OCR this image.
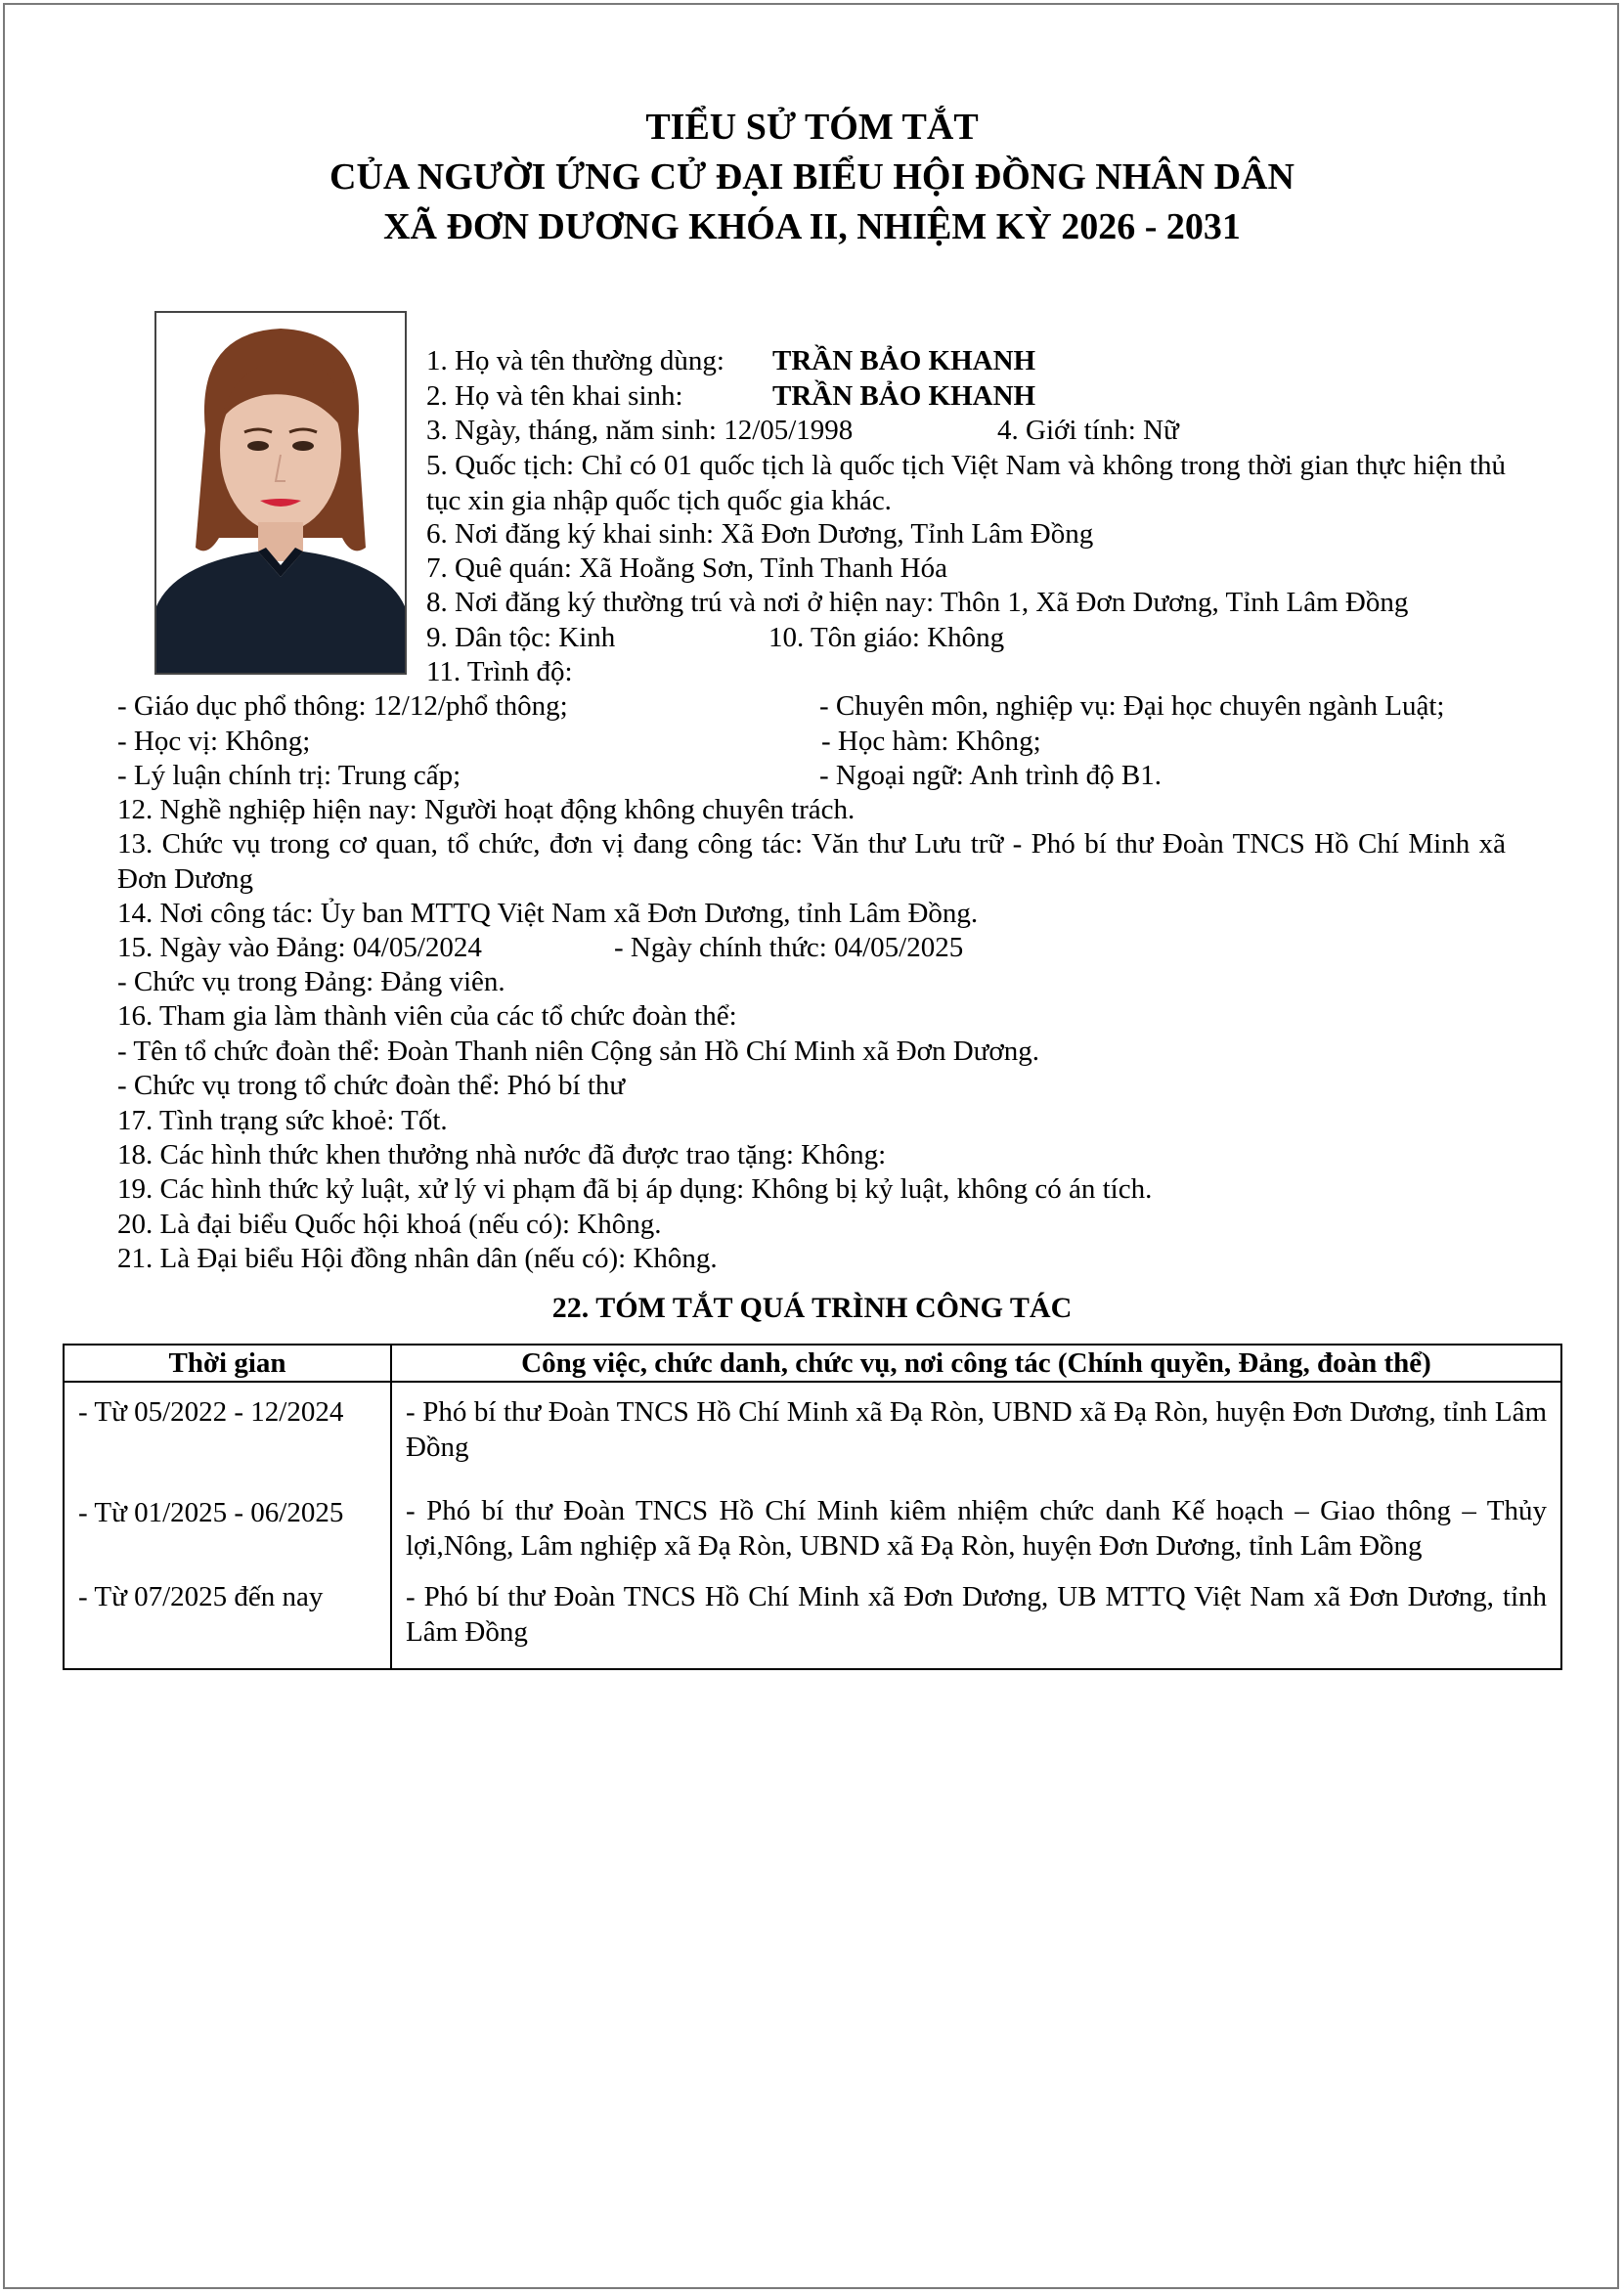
TIỂU SỬ TÓM TẮT
CỦA NGƯỜI ỨNG CỬ ĐẠI BIỂU HỘI ĐỒNG NHÂN DÂN
XÃ ĐƠN DƯƠNG KHÓA II, NHIỆM KỲ 2026 - 2031
1. Họ và tên thường dùng: TRẦN BẢO KHANH
2. Họ và tên khai sinh:	TRẦN BẢO KHANH
3. Ngày, tháng, năm sinh: 12/05/1998	4. Giới tính: Nữ
5. Quốc tịch: Chỉ có 01 quốc tịch là quốc tịch Việt Nam và không trong thời gian thực hiện thủ tục xin gia nhập quốc tịch quốc gia khác.
6. Nơi đăng ký khai sinh: Xã Đơn Dương, Tỉnh Lâm Đồng
7. Quê quán: Xã Hoằng Sơn, Tỉnh Thanh Hóa
8. Nơi đăng ký thường trú và nơi ở hiện nay: Thôn 1, Xã Đơn Dương, Tỉnh Lâm Đồng
9. Dân tộc: Kinh	10. Tôn giáo: Không
11. Trình độ:
- Giáo dục phổ thông: 12/12/phổ thông;	- Chuyên môn, nghiệp vụ: Đại học chuyên ngành Luật;
- Học vị: Không;	- Học hàm: Không;
- Lý luận chính trị: Trung cấp;	- Ngoại ngữ: Anh trình độ B1.
12. Nghề nghiệp hiện nay: Người hoạt động không chuyên trách.
13. Chức vụ trong cơ quan, tổ chức, đơn vị đang công tác: Văn thư Lưu trữ - Phó bí thư Đoàn TNCS Hồ Chí Minh xã Đơn Dương
14. Nơi công tác: Ủy ban MTTQ Việt Nam xã Đơn Dương, tỉnh Lâm Đồng.
15. Ngày vào Đảng: 04/05/2024	- Ngày chính thức: 04/05/2025
- Chức vụ trong Đảng: Đảng viên.
16. Tham gia làm thành viên của các tổ chức đoàn thể:
- Tên tổ chức đoàn thể: Đoàn Thanh niên Cộng sản Hồ Chí Minh xã Đơn Dương.
- Chức vụ trong tổ chức đoàn thể: Phó bí thư
17. Tình trạng sức khoẻ: Tốt.
18. Các hình thức khen thưởng nhà nước đã được trao tặng: Không:
19. Các hình thức kỷ luật, xử lý vi phạm đã bị áp dụng: Không bị kỷ luật, không có án tích.
20. Là đại biểu Quốc hội khoá (nếu có): Không.
21. Là Đại biểu Hội đồng nhân dân (nếu có): Không.
22. TÓM TẮT QUÁ TRÌNH CÔNG TÁC
Thời gian	Công việc, chức danh, chức vụ, nơi công tác (Chính quyền, Đảng, đoàn thể)
- Từ 05/2022 - 12/2024	- Phó bí thư Đoàn TNCS Hồ Chí Minh xã Đạ Ròn, UBND xã Đạ Ròn, huyện Đơn Dương, tỉnh Lâm Đồng
- Từ 01/2025 - 06/2025	- Phó bí thư Đoàn TNCS Hồ Chí Minh kiêm nhiệm chức danh Kế hoạch – Giao thông – Thủy lợi,Nông, Lâm nghiệp xã Đạ Ròn, UBND xã Đạ Ròn, huyện Đơn Dương, tỉnh Lâm Đồng
- Từ 07/2025 đến nay	- Phó bí thư Đoàn TNCS Hồ Chí Minh xã Đơn Dương, UB MTTQ Việt Nam xã Đơn Dương, tỉnh Lâm Đồng
